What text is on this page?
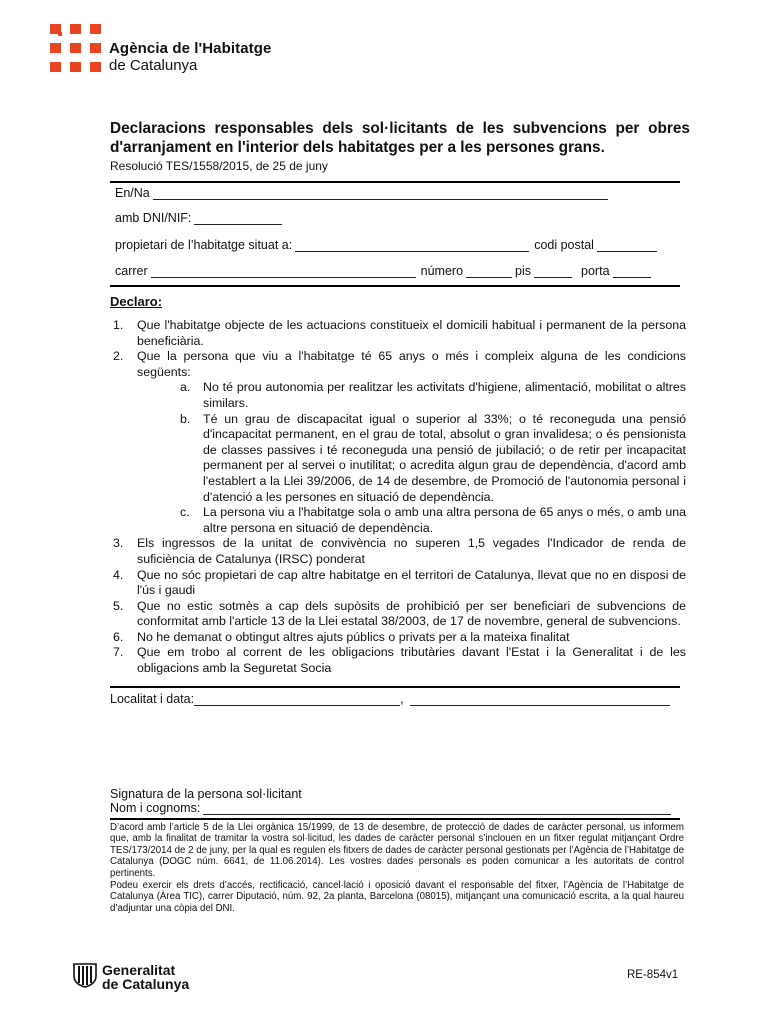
Agència de l'Habitatge
de Catalunya
Declaracions responsables dels sol·licitants de les subvencions per obres d'arranjament en l'interior dels habitatges per a les persones grans.
Resolució TES/1558/2015, de 25 de juny
En/Na
amb DNI/NIF:
propietari de l’habitatge situat a:	codi postal
carrer	número	pis	porta
Declaro:
1. Que l'habitatge objecte de les actuacions constitueix el domicili habitual i permanent de la persona beneficiària.
2. Que la persona que viu a l'habitatge té 65 anys o més i compleix alguna de les condicions següents:
a. No té prou autonomia per realitzar les activitats d'higiene, alimentació, mobilitat o altres similars.
b. Té un grau de discapacitat igual o superior al 33%; o té reconeguda una pensió d'incapacitat permanent, en el grau de total, absolut o gran invalidesa; o és pensionista de classes passives i té reconeguda una pensió de jubilació; o de retir per incapacitat permanent per al servei o inutilitat; o acredita algun grau de dependència, d'acord amb l'establert a la Llei 39/2006, de 14 de desembre, de Promoció de l'autonomia personal i d'atenció a les persones en situació de dependència.
c. La persona viu a l'habitatge sola o amb una altra persona de 65 anys o més, o amb una altre persona en situació de dependència.
3. Els ingressos de la unitat de convivència no superen 1,5 vegades l'Indicador de renda de suficiència de Catalunya (IRSC) ponderat
4. Que no sóc propietari de cap altre habitatge en el territori de Catalunya, llevat que no en disposi de l'ús i gaudi
5. Que no estic sotmès a cap dels supòsits de prohibició per ser beneficiari de subvencions de conformitat amb l'article 13 de la Llei estatal 38/2003, de 17 de novembre, general de subvencions.
6. No he demanat o obtingut altres ajuts públics o privats per a la mateixa finalitat
7. Que em trobo al corrent de les obligacions tributàries davant l'Estat i la Generalitat i de les obligacions amb la Seguretat Socia
Localitat i data:	,
Signatura de la persona sol·licitant
Nom i cognoms:

D’acord amb l’article 5 de la Llei orgànica 15/1999, de 13 de desembre, de protecció de dades de caràcter personal, us informem que, amb la finalitat de tramitar la vostra sol·licitud, les dades de caràcter personal s’inclouen en un fitxer regulat mitjançant Ordre TES/173/2014 de 2 de juny, per la qual es regulen els fitxers de dades de caràcter personal gestionats per l’Agència de l’Habitatge de Catalunya (DOGC núm. 6641, de 11.06.2014). Les vostres dades personals es poden comunicar a les autoritats de control pertinents.

Podeu exercir els drets d’accés, rectificació, cancel·lació i oposició davant el responsable del fitxer, l’Agència de l’Habitatge de Catalunya (Àrea TIC), carrer Diputació, núm. 92, 2a planta, Barcelona (08015), mitjançant una comunicació escrita, a la qual haureu d’adjuntar una còpia del DNI.

Generalitat
de Catalunya
RE-854v1
